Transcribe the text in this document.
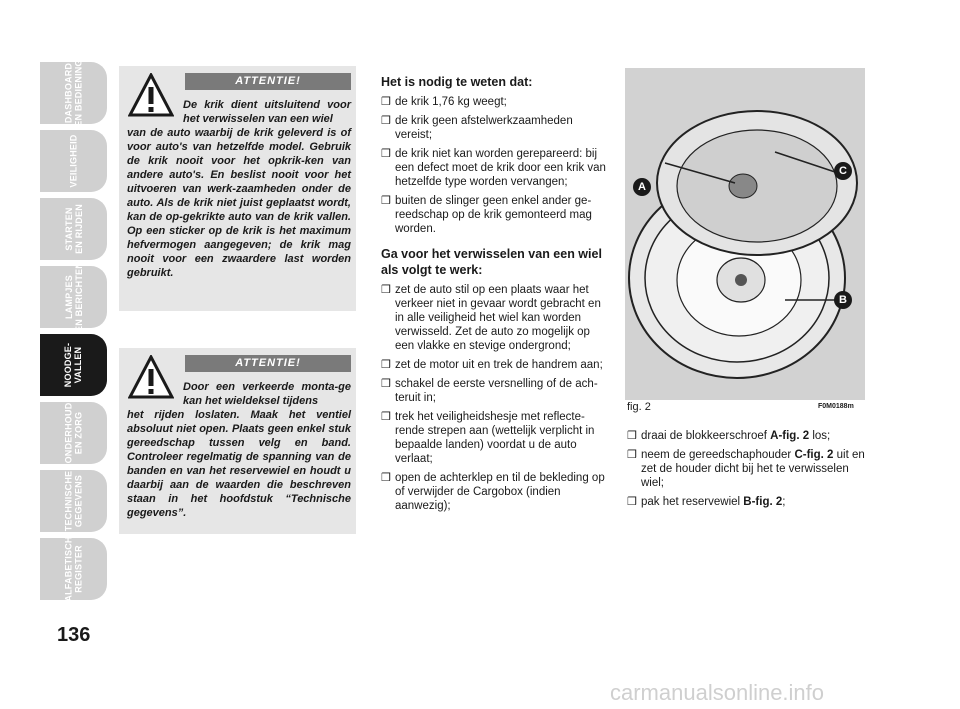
DASHBOARD
EN BEDIENING
VEILIGHEID
STARTEN
EN RIJDEN
LAMPJES
EN BERICHTEN
NOODGE-
VALLEN
ONDERHOUD
EN ZORG
TECHNISCHE
GEGEVENS
ALFABETISCH
REGISTER
136
ATTENTIE!
De krik dient uitsluitend voor het verwisselen van een wiel
van de auto waarbij de krik geleverd is of voor auto's van hetzelfde model. Gebruik de krik nooit voor het opkrik-ken van andere auto's. En beslist nooit voor het uitvoeren van werk-zaamheden onder de auto. Als de krik niet juist geplaatst wordt, kan de op-gekrikte auto van de krik vallen. Op een sticker op de krik is het maximum hefvermogen aangegeven; de krik mag nooit voor een zwaardere last worden gebruikt.
ATTENTIE!
Door een verkeerde monta-ge kan het wieldeksel tijdens
het rijden loslaten. Maak het ventiel absoluut niet open. Plaats geen enkel stuk gereedschap tussen velg en band. Controleer regelmatig de spanning van de banden en van het reservewiel en houdt u daarbij aan de waarden die beschreven staan in het hoofdstuk “Technische gegevens”.
Het is nodig te weten dat:
❒ de krik 1,76 kg weegt;
❒ de krik geen afstelwerkzaamheden vereist;
❒ de krik niet kan worden gerepareerd: bij een defect moet de krik door een krik van hetzelfde type worden vervangen;
❒ buiten de slinger geen enkel ander ge-reedschap op de krik gemonteerd mag worden.
Ga voor het verwisselen van een wiel als volgt te werk:
❒ zet de auto stil op een plaats waar het verkeer niet in gevaar wordt gebracht en in alle veiligheid het wiel kan worden verwisseld. Zet de auto zo mogelijk op een vlakke en stevige ondergrond;
❒ zet de motor uit en trek de handrem aan;
❒ schakel de eerste versnelling of de ach-teruit in;
❒ trek het veiligheidshesje met reflecte-rende strepen aan (wettelijk verplicht in bepaalde landen) voordat u de auto verlaat;
❒ open de achterklep en til de bekleding op of verwijder de Cargobox (indien aanwezig);
A
C
B
fig. 2	F0M0188m
❒ draai de blokkeerschroef A-fig. 2 los;
❒ neem de gereedschaphouder C-fig. 2 uit en zet de houder dicht bij het te verwisselen wiel;
❒ pak het reservewiel B-fig. 2;
carmanualsonline.info
